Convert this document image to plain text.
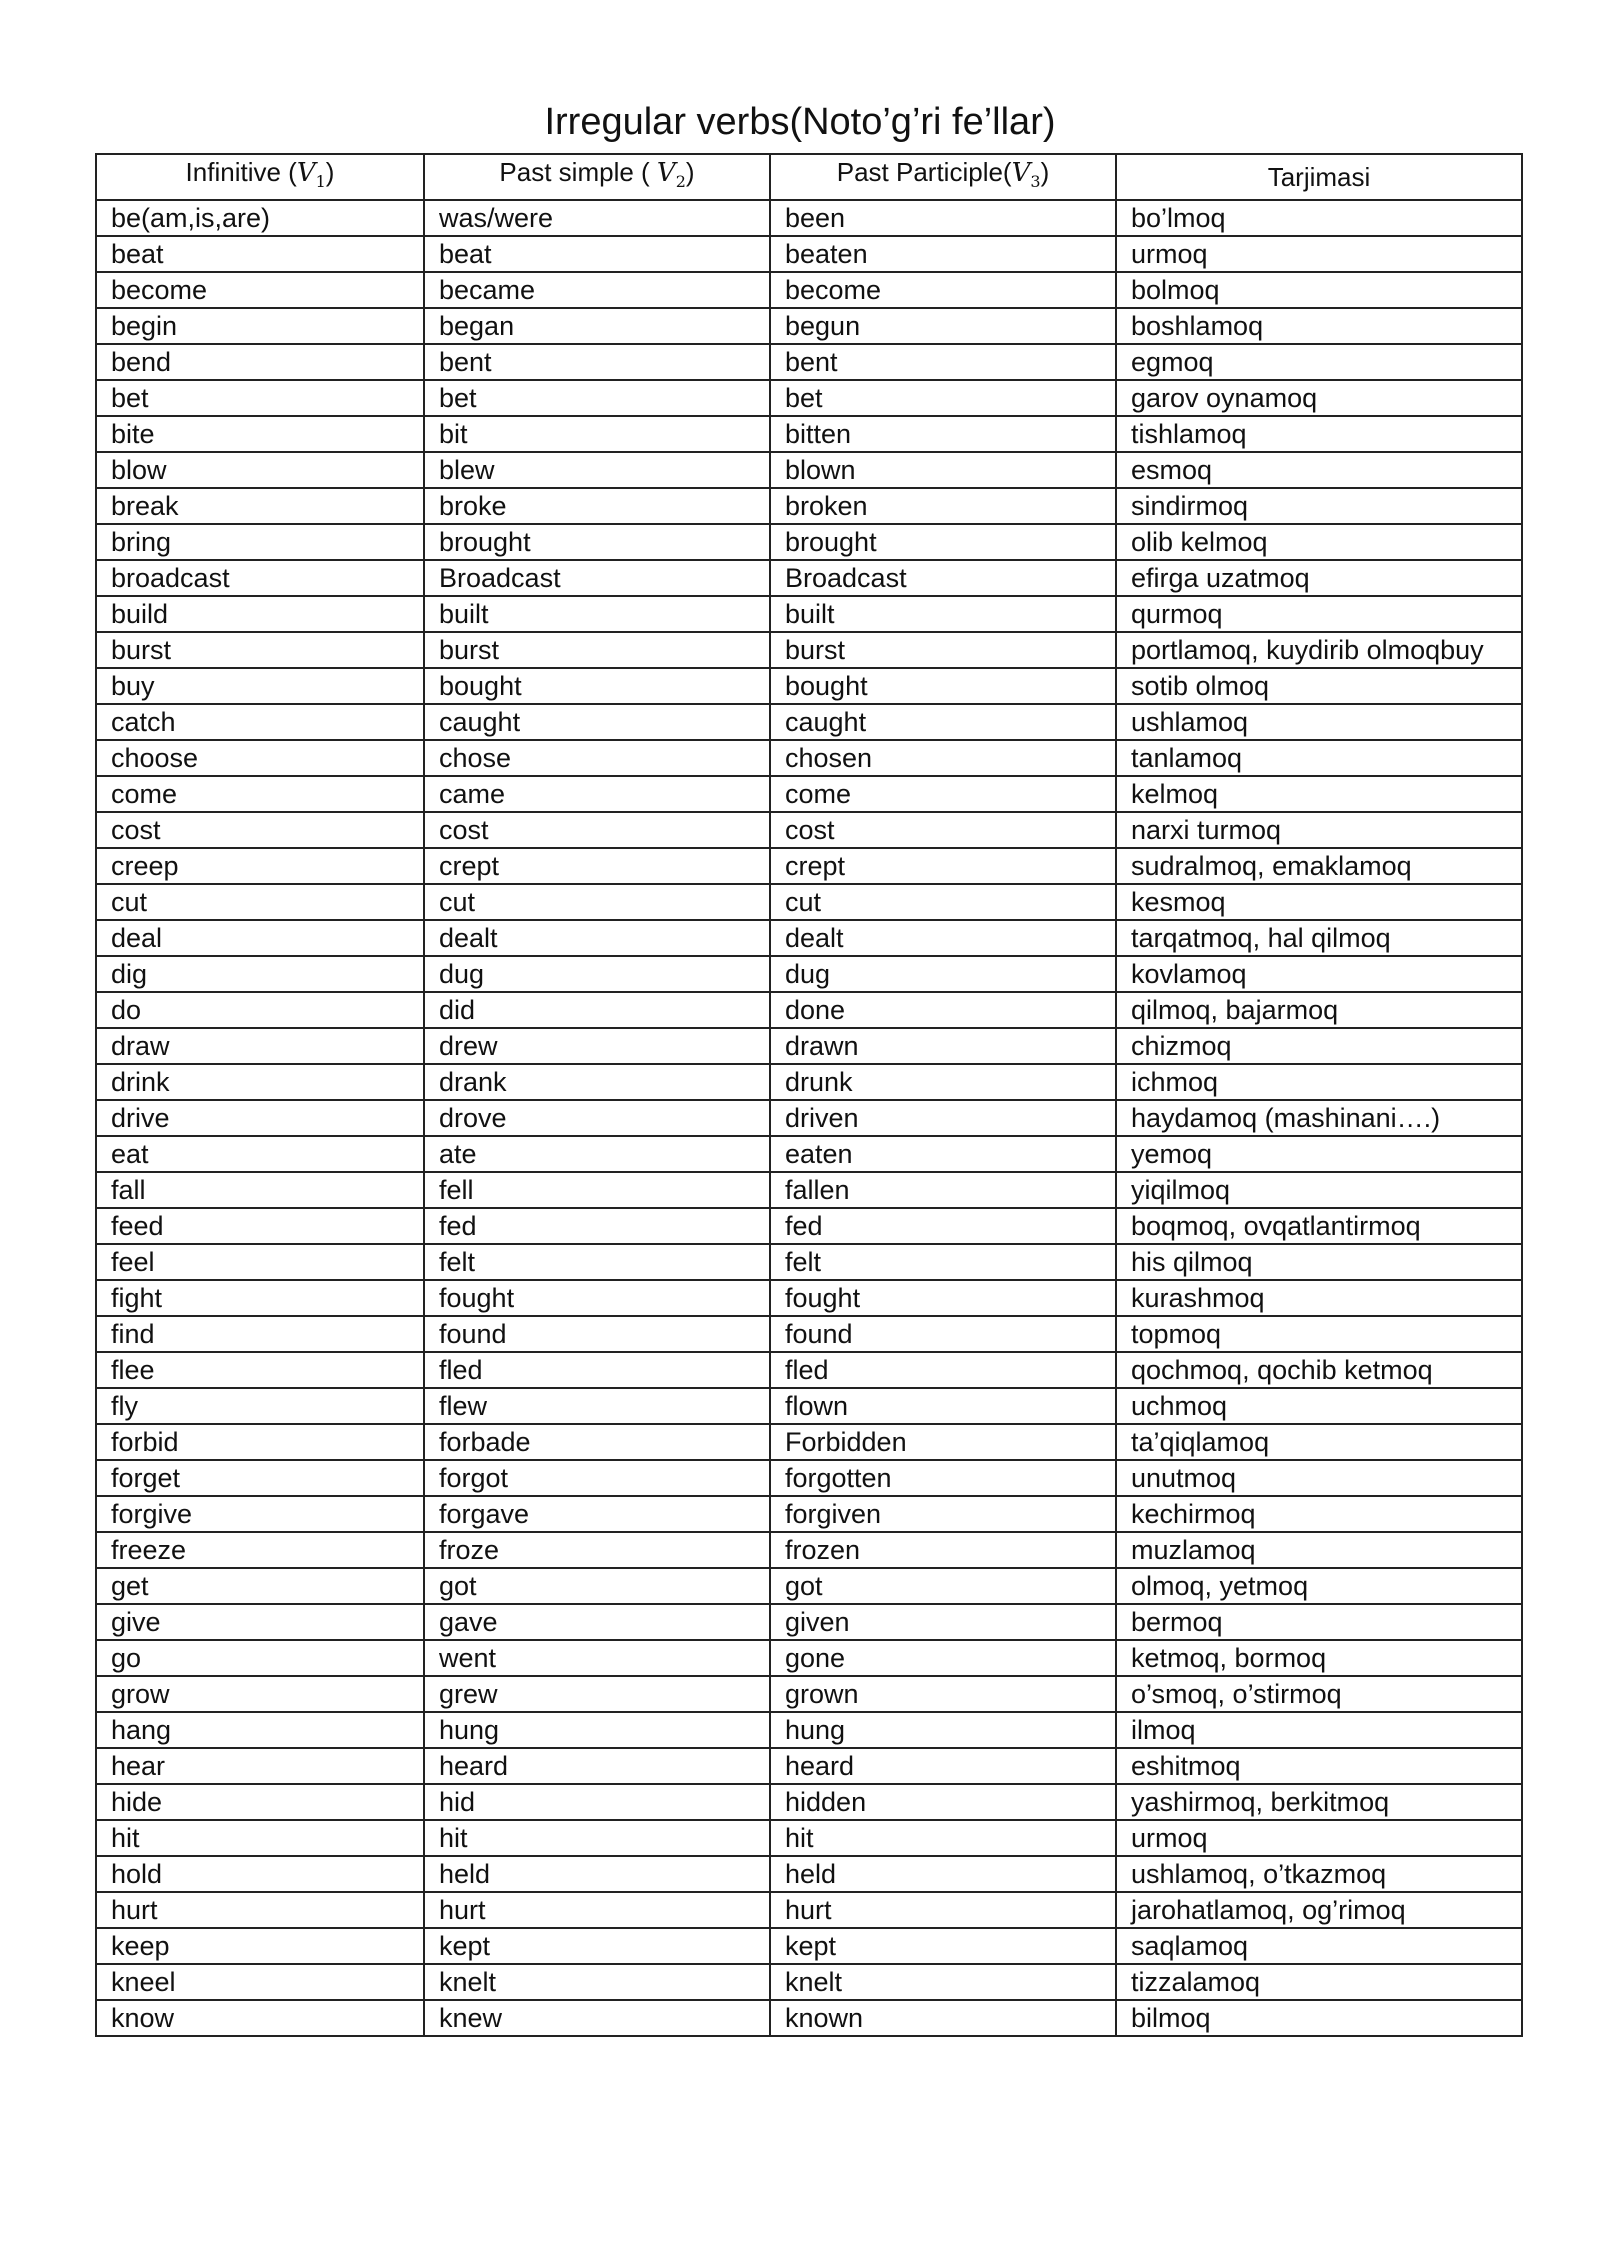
Irregular verbs(Noto’g’ri fe’llar)
Infinitive $(V_1)$	Past simple ( $V_2$)	Past $Participle(V_3)$	Tarjimasi
be(am,is,are)	was/were	been	bo’lmoq
beat	beat	beaten	urmoq
become	became	become	bolmoq
begin	began	begun	boshlamoq
bend	bent	bent	egmoq
bet	bet	bet	garov oynamoq
bite	bit	bitten	tishlamoq
blow	blew	blown	esmoq
break	broke	broken	sindirmoq
bring	brought	brought	olib kelmoq
broadcast	Broadcast	Broadcast	efirga uzatmoq
build	built	built	qurmoq
burst	burst	burst	portlamoq, kuydirib olmoqbuy
buy	bought	bought	sotib olmoq
catch	caught	caught	ushlamoq
choose	chose	chosen	tanlamoq
come	came	come	kelmoq
cost	cost	cost	narxi turmoq
creep	crept	crept	sudralmoq, emaklamoq
cut	cut	cut	kesmoq
deal	dealt	dealt	tarqatmoq, hal qilmoq
dig	dug	dug	kovlamoq
do	did	done	qilmoq, bajarmoq
draw	drew	drawn	chizmoq
drink	drank	drunk	ichmoq
drive	drove	driven	haydamoq (mashinani….)
eat	ate	eaten	yemoq
fall	fell	fallen	yiqilmoq
feed	fed	fed	boqmoq, ovqatlantirmoq
feel	felt	felt	his qilmoq
fight	fought	fought	kurashmoq
find	found	found	topmoq
flee	fled	fled	qochmoq, qochib ketmoq
fly	flew	flown	uchmoq
forbid	forbade	Forbidden	ta’qiqlamoq
forget	forgot	forgotten	unutmoq
forgive	forgave	forgiven	kechirmoq
freeze	froze	frozen	muzlamoq
get	got	got	olmoq, yetmoq
give	gave	given	bermoq
go	went	gone	ketmoq, bormoq
grow	grew	grown	o’smoq, o’stirmoq
hang	hung	hung	ilmoq
hear	heard	heard	eshitmoq
hide	hid	hidden	yashirmoq, berkitmoq
hit	hit	hit	urmoq
hold	held	held	ushlamoq, o’tkazmoq
hurt	hurt	hurt	jarohatlamoq, og’rimoq
keep	kept	kept	saqlamoq
kneel	knelt	knelt	tizzalamoq
know	knew	known	bilmoq
